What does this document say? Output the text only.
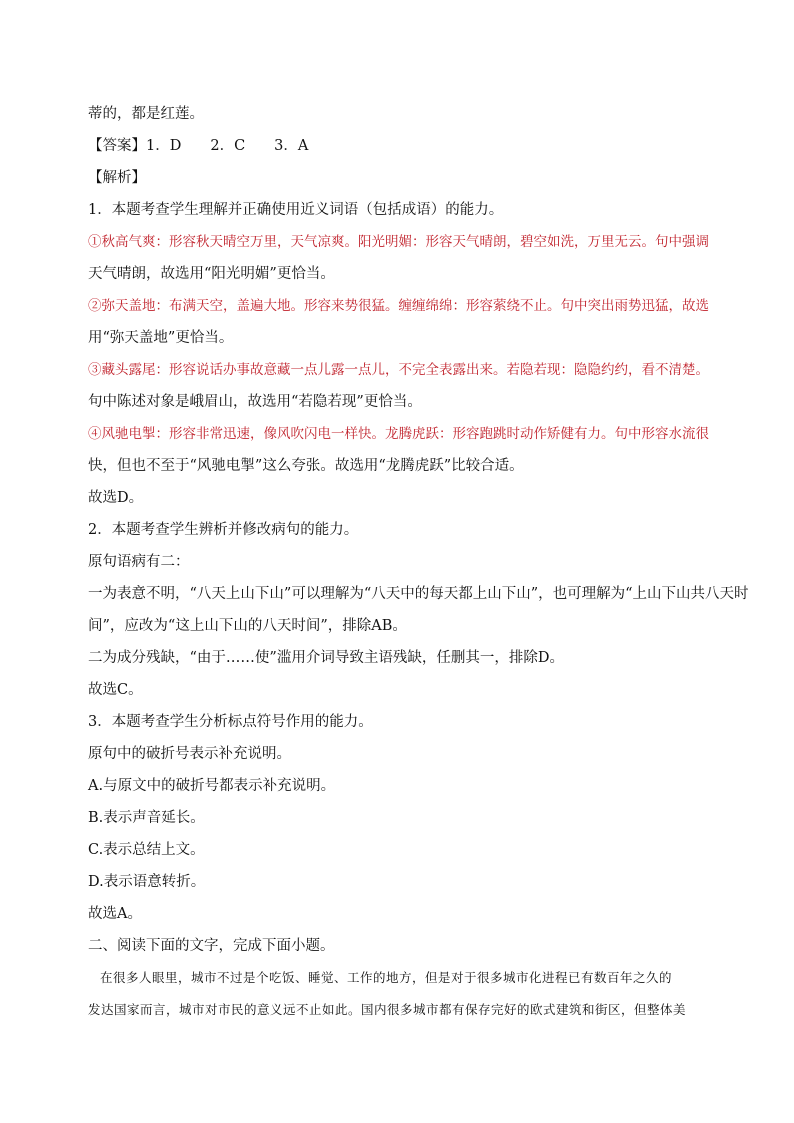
蒂的，都是红莲。
【答案】1．D　　2．C　　3．A
【解析】
1．本题考查学生理解并正确使用近义词语（包括成语）的能力。
①秋高气爽：形容秋天晴空万里，天气凉爽。阳光明媚：形容天气晴朗，碧空如洗，万里无云。句中强调
天气晴朗，故选用“阳光明媚”更恰当。
②弥天盖地：布满天空，盖遍大地。形容来势很猛。缠缠绵绵：形容萦绕不止。句中突出雨势迅猛，故选
用“弥天盖地”更恰当。
③藏头露尾：形容说话办事故意藏一点儿露一点儿，不完全表露出来。若隐若现：隐隐约约，看不清楚。
句中陈述对象是峨眉山，故选用“若隐若现”更恰当。
④风驰电掣：形容非常迅速，像风吹闪电一样快。龙腾虎跃：形容跑跳时动作矫健有力。句中形容水流很
快，但也不至于“风驰电掣”这么夸张。故选用“龙腾虎跃”比较合适。
故选D。
2．本题考查学生辨析并修改病句的能力。
原句语病有二：
一为表意不明，“八天上山下山”可以理解为“八天中的每天都上山下山”，也可理解为“上山下山共八天时
间”，应改为“这上山下山的八天时间”，排除AB。
二为成分残缺，“由于……使”滥用介词导致主语残缺，任删其一，排除D。
故选C。
3．本题考查学生分析标点符号作用的能力。
原句中的破折号表示补充说明。
A.与原文中的破折号都表示补充说明。
B.表示声音延长。
C.表示总结上文。
D.表示语意转折。
故选A。
二、阅读下面的文字，完成下面小题。
在很多人眼里，城市不过是个吃饭、睡觉、工作的地方，但是对于很多城市化进程已有数百年之久的
发达国家而言，城市对市民的意义远不止如此。国内很多城市都有保存完好的欧式建筑和街区，但整体美
